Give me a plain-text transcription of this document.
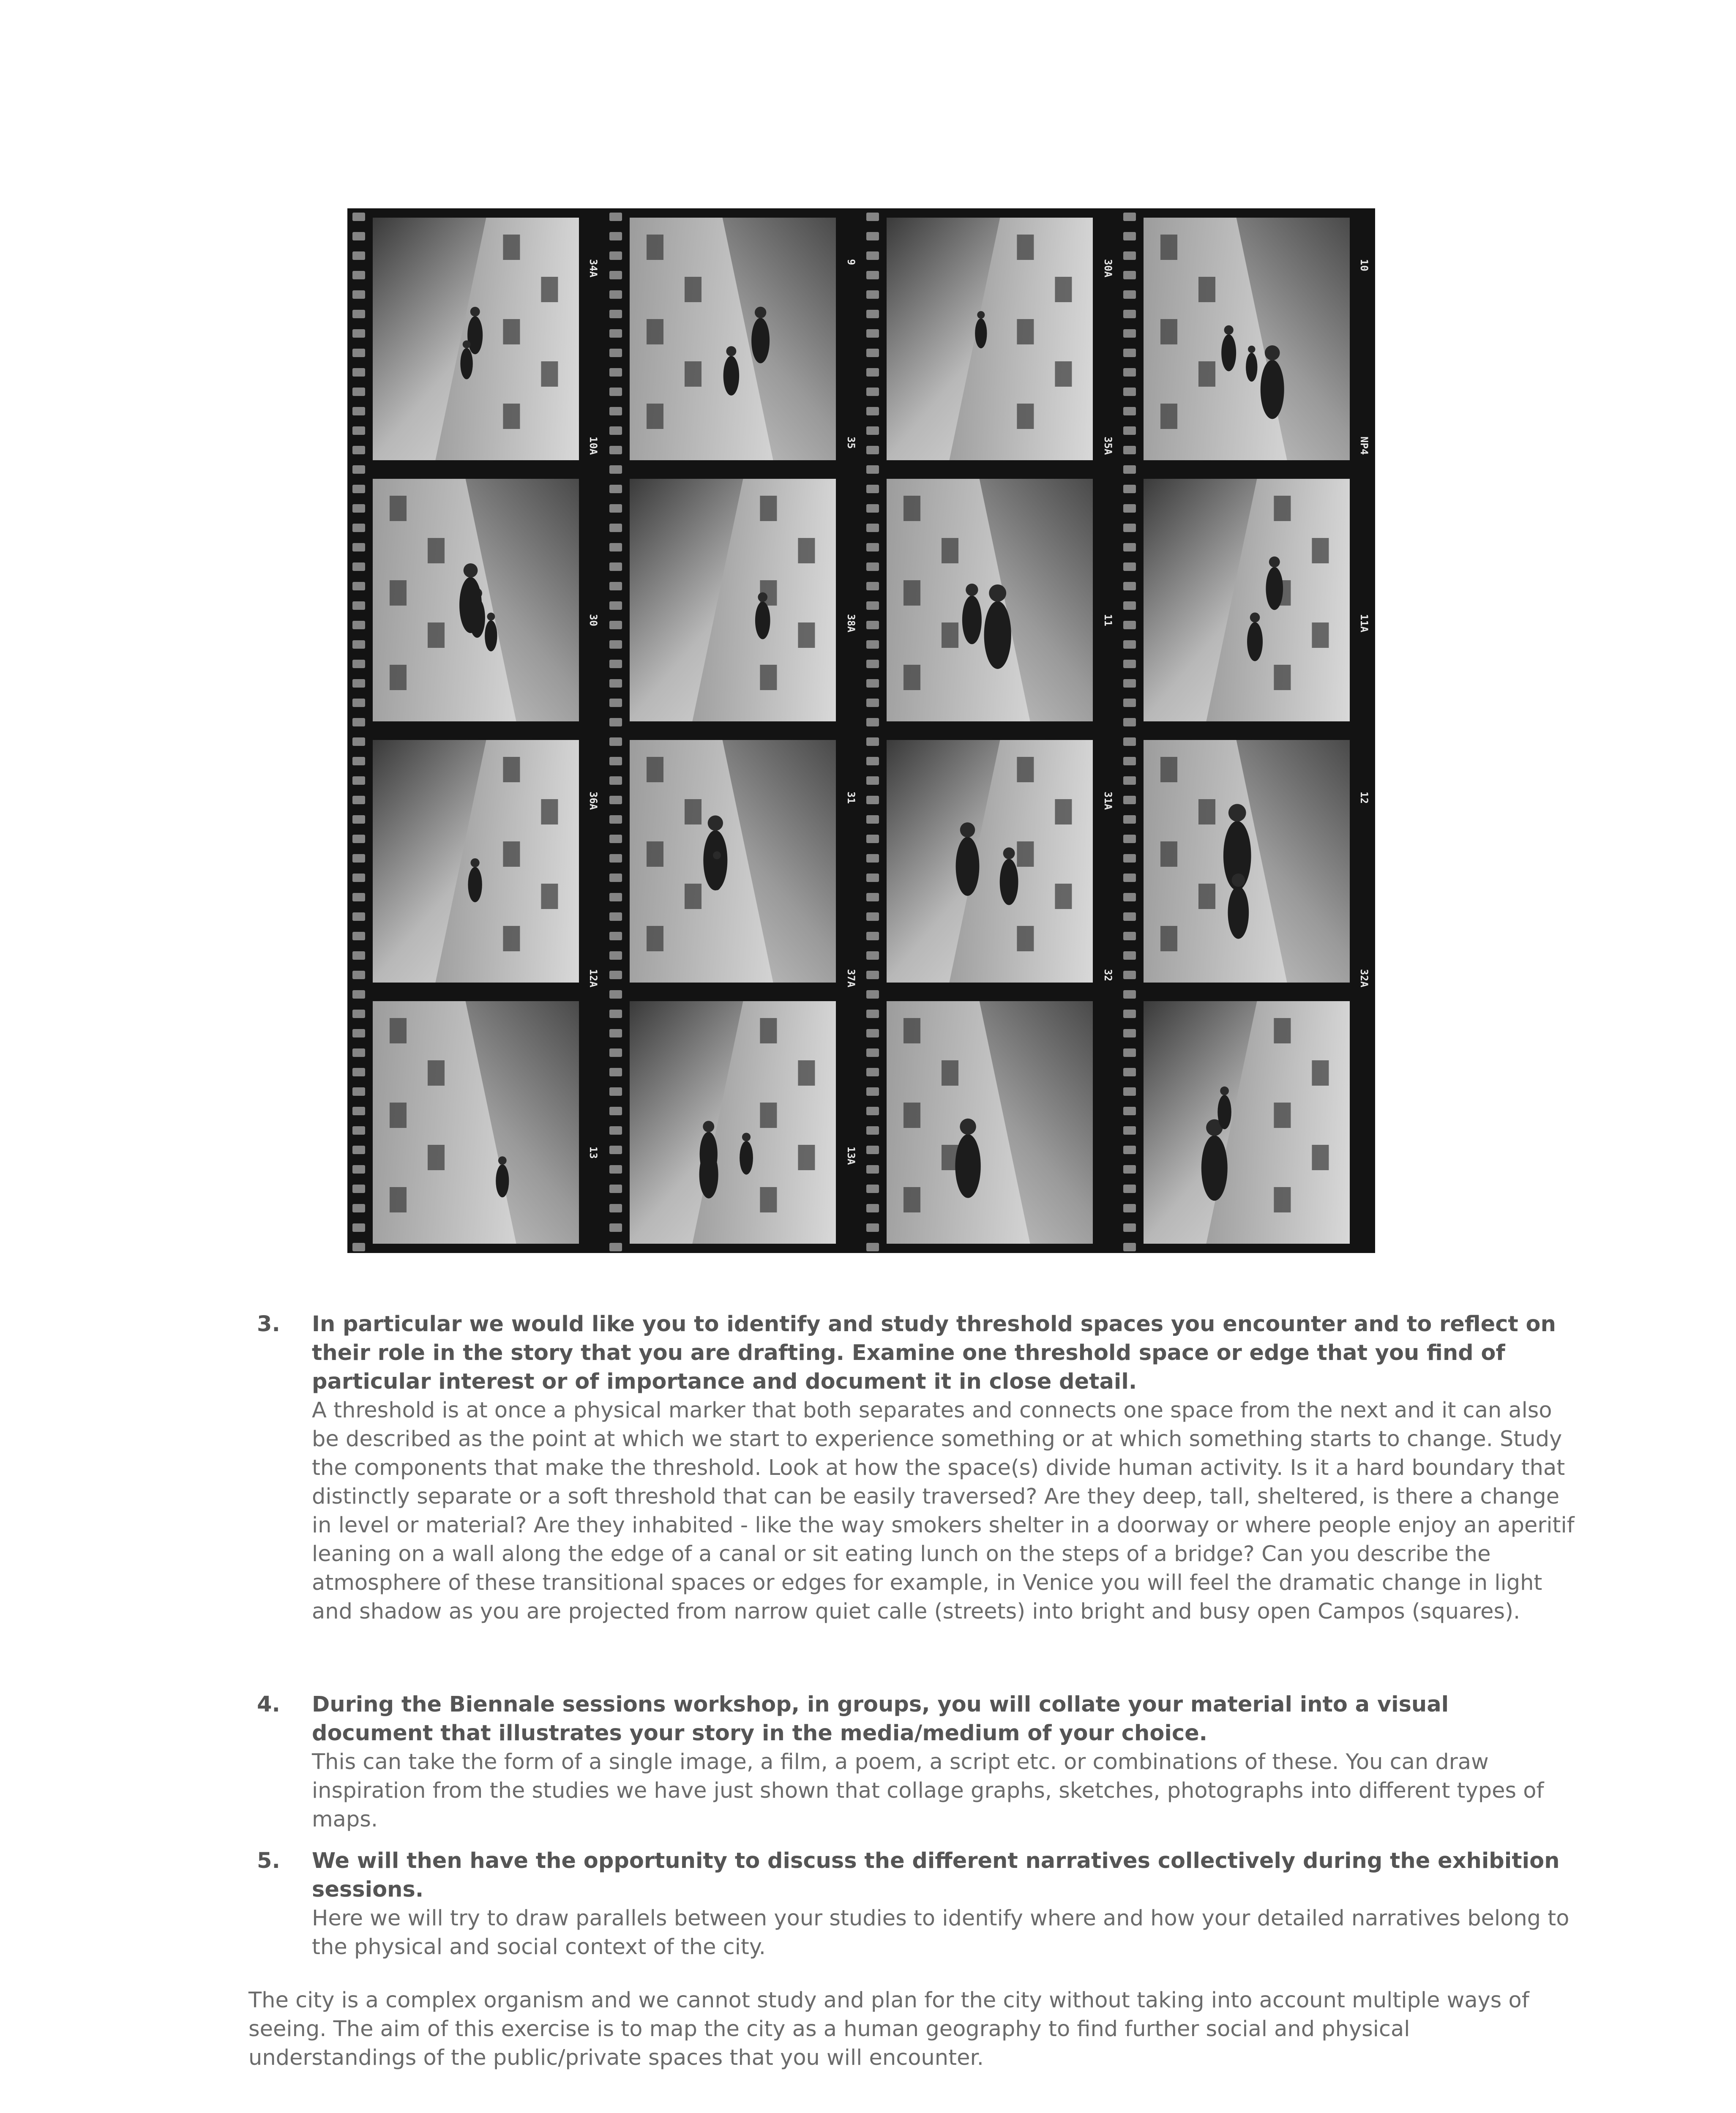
34A	9	30A	10
10A	35	35A	NP4
30	38A	11	11A
36A	31	31A	12
12A	37A	32	32A
13	13A
3. In particular we would like you to identify and study threshold spaces you encounter and to reflect on their role in the story that you are drafting. Examine one threshold space or edge that you find of particular interest or of importance and document it in close detail.
A threshold is at once a physical marker that both separates and connects one space from the next and it can also be described as the point at which we start to experience something or at which something starts to change. Study the components that make the threshold. Look at how the space(s) divide human activity. Is it a hard boundary that distinctly separate or a soft threshold that can be easily traversed? Are they deep, tall, sheltered, is there a change in level or material? Are they inhabited - like the way smokers shelter in a doorway or where people enjoy an aperitif leaning on a wall along the edge of a canal or sit eating lunch on the steps of a bridge? Can you describe the atmosphere of these transitional spaces or edges for example, in Venice you will feel the dramatic change in light and shadow as you are projected from narrow quiet calle (streets) into bright and busy open Campos (squares).
4. During the Biennale sessions workshop, in groups, you will collate your material into a visual document that illustrates your story in the media/medium of your choice.
This can take the form of a single image, a film, a poem, a script etc. or combinations of these. You can draw inspiration from the studies we have just shown that collage graphs, sketches, photographs into different types of maps.
5. We will then have the opportunity to discuss the different narratives collectively during the exhibition sessions.
Here we will try to draw parallels between your studies to identify where and how your detailed narratives belong to the physical and social context of the city.
The city is a complex organism and we cannot study and plan for the city without taking into account multiple ways of seeing. The aim of this exercise is to map the city as a human geography to find further social and physical understandings of the public/private spaces that you will encounter.
